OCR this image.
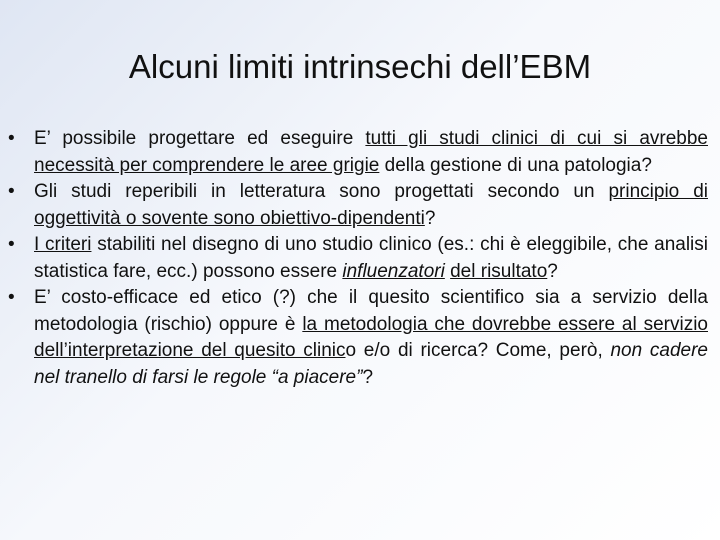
Alcuni limiti intrinsechi dell’EBM
• E’ possibile progettare ed eseguire tutti gli studi clinici di cui si avrebbe necessità per comprendere le aree grigie della gestione di una patologia?
• Gli studi reperibili in letteratura sono progettati secondo un principio di oggettività o sovente sono obiettivo-dipendenti?
• I criteri stabiliti nel disegno di uno studio clinico (es.: chi è eleggibile, che analisi statistica fare, ecc.) possono essere influenzatori del risultato?
• E’ costo-efficace ed etico (?) che il quesito scientifico sia a servizio della metodologia (rischio) oppure è la metodologia che dovrebbe essere al servizio dell’interpretazione del quesito clinico e/o di ricerca? Come, però, non cadere nel tranello di farsi le regole “a piacere”?
